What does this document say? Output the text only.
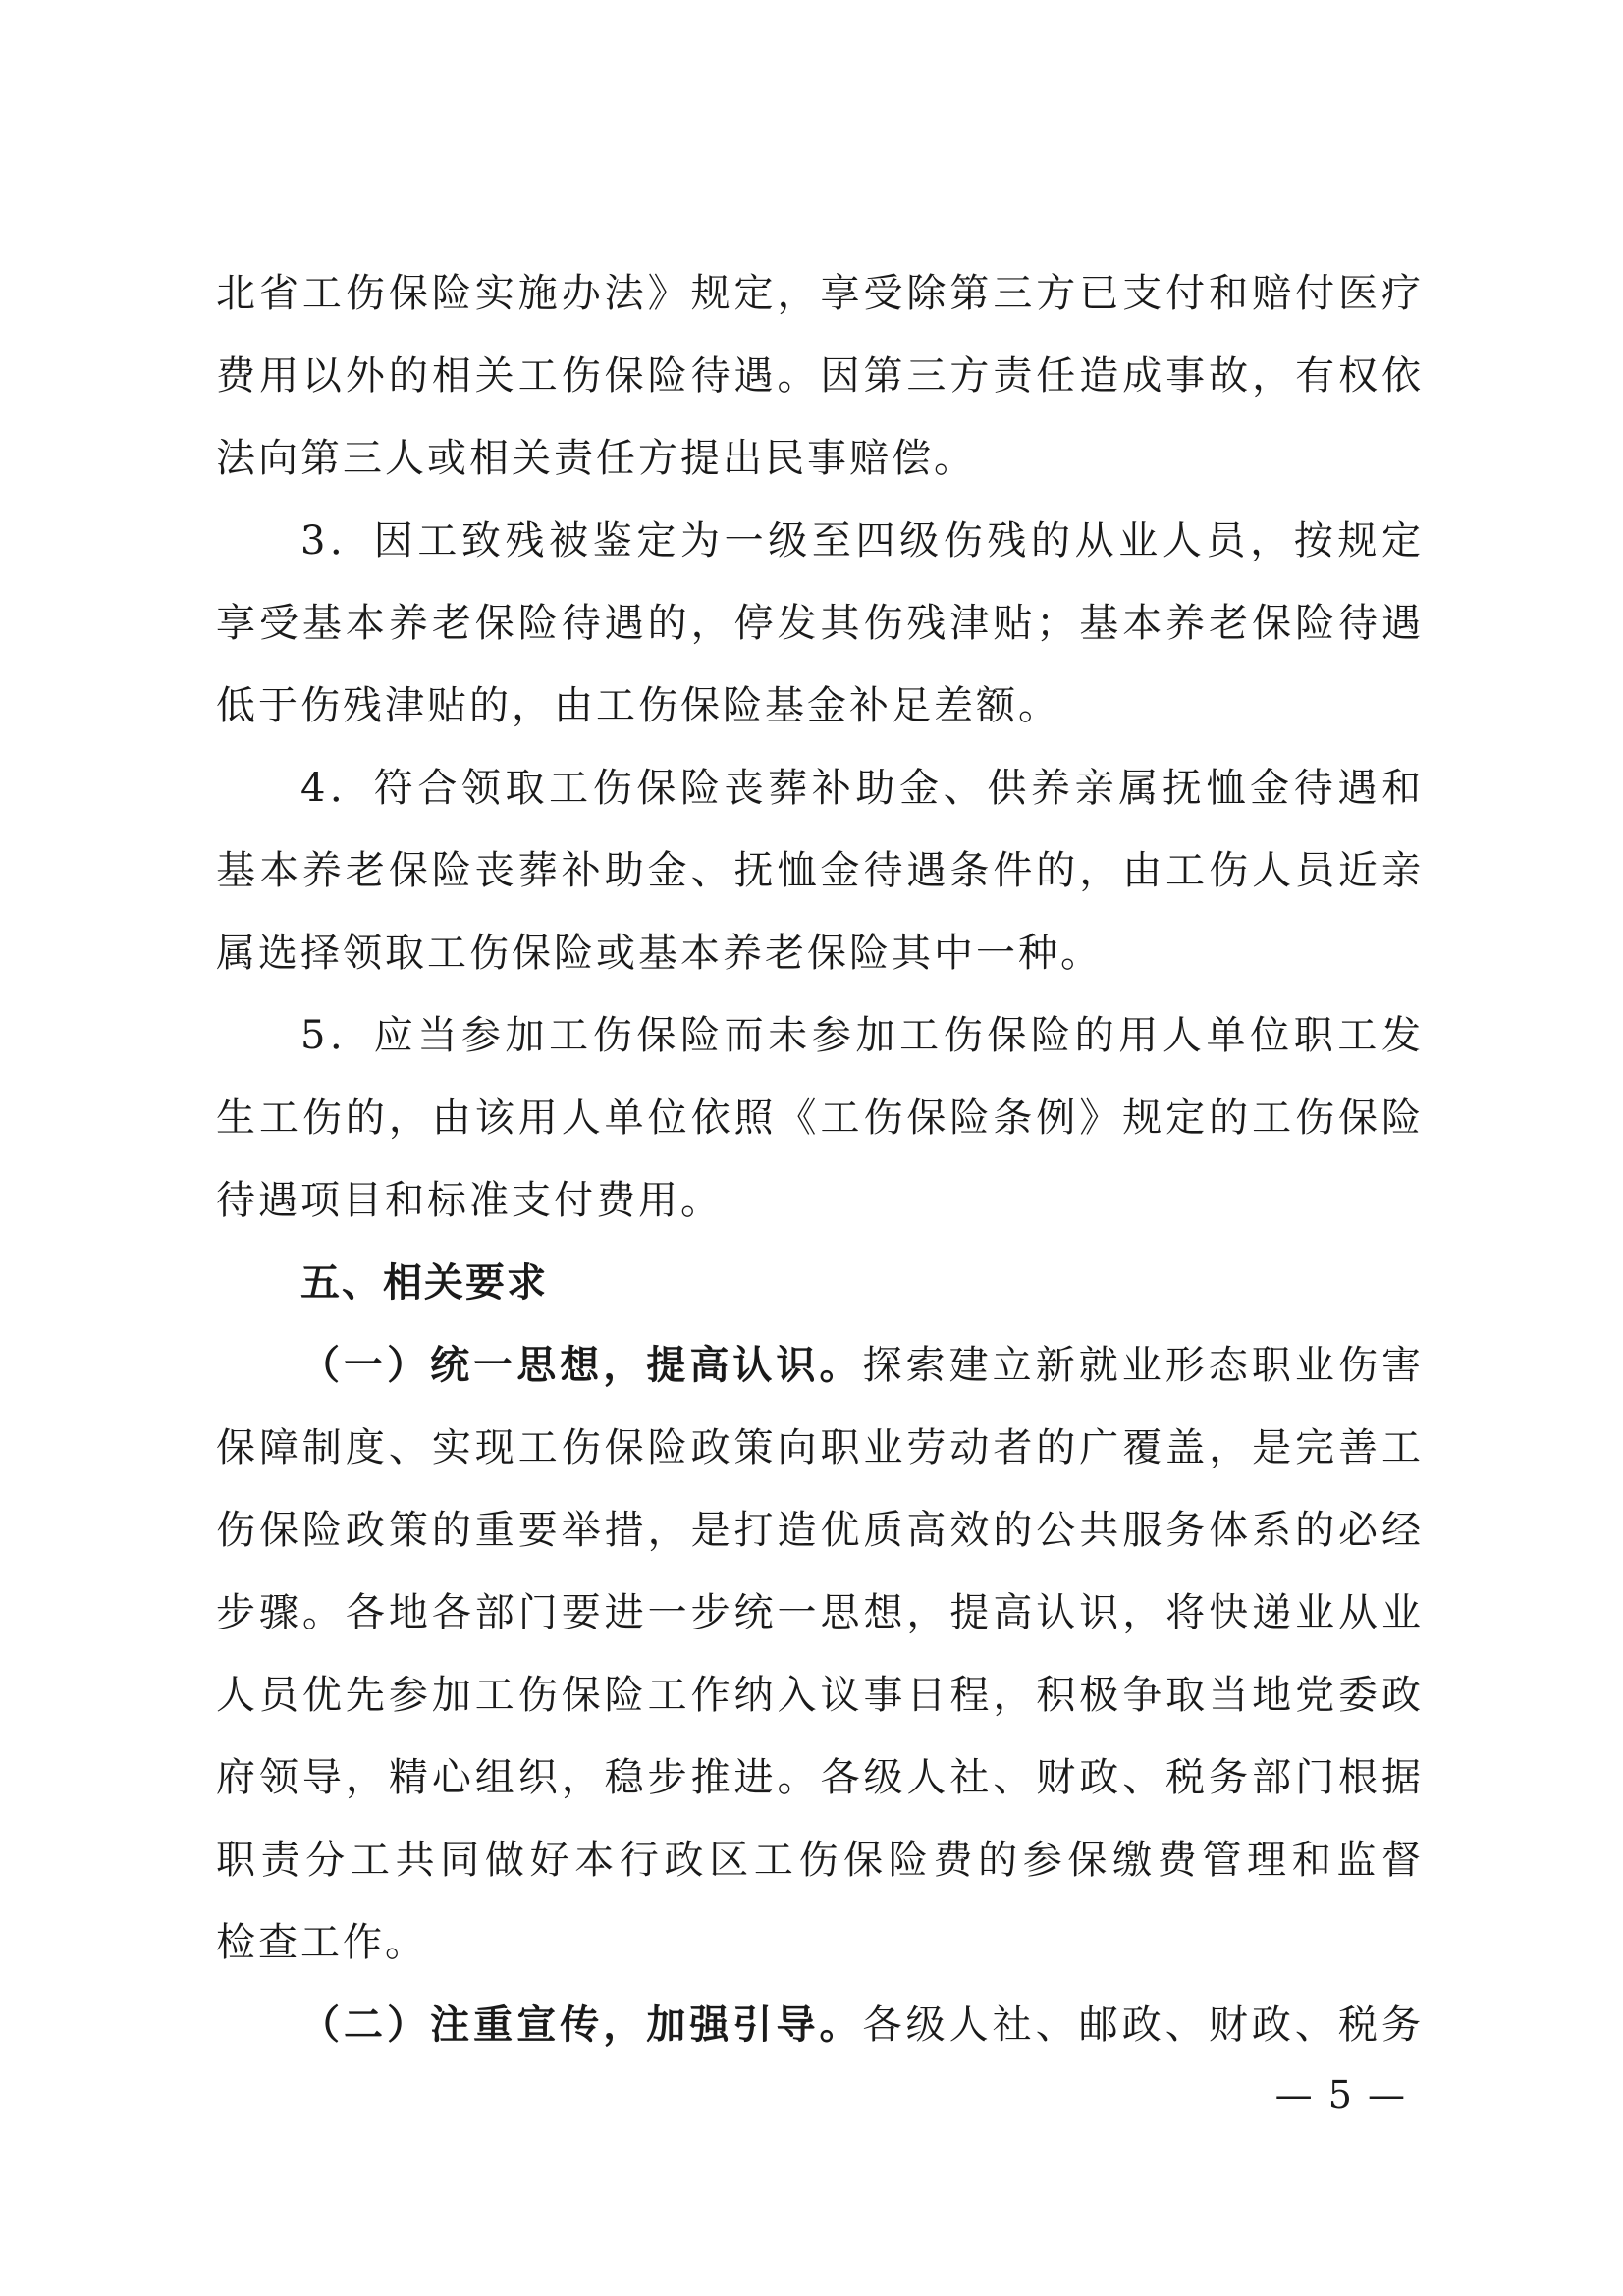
北省工伤保险实施办法》规定，享受除第三方已支付和赔付医疗
费用以外的相关工伤保险待遇。因第三方责任造成事故，有权依
法向第三人或相关责任方提出民事赔偿。
3．因工致残被鉴定为一级至四级伤残的从业人员，按规定
享受基本养老保险待遇的，停发其伤残津贴；基本养老保险待遇
低于伤残津贴的，由工伤保险基金补足差额。
4．符合领取工伤保险丧葬补助金、供养亲属抚恤金待遇和
基本养老保险丧葬补助金、抚恤金待遇条件的，由工伤人员近亲
属选择领取工伤保险或基本养老保险其中一种。
5．应当参加工伤保险而未参加工伤保险的用人单位职工发
生工伤的，由该用人单位依照《工伤保险条例》规定的工伤保险
待遇项目和标准支付费用。
五、相关要求
（一）统一思想，提高认识。探索建立新就业形态职业伤害
保障制度、实现工伤保险政策向职业劳动者的广覆盖，是完善工
伤保险政策的重要举措，是打造优质高效的公共服务体系的必经
步骤。各地各部门要进一步统一思想，提高认识，将快递业从业
人员优先参加工伤保险工作纳入议事日程，积极争取当地党委政
府领导，精心组织，稳步推进。各级人社、财政、税务部门根据
职责分工共同做好本行政区工伤保险费的参保缴费管理和监督
检查工作。
（二）注重宣传，加强引导。各级人社、邮政、财政、税务
— 5 —
